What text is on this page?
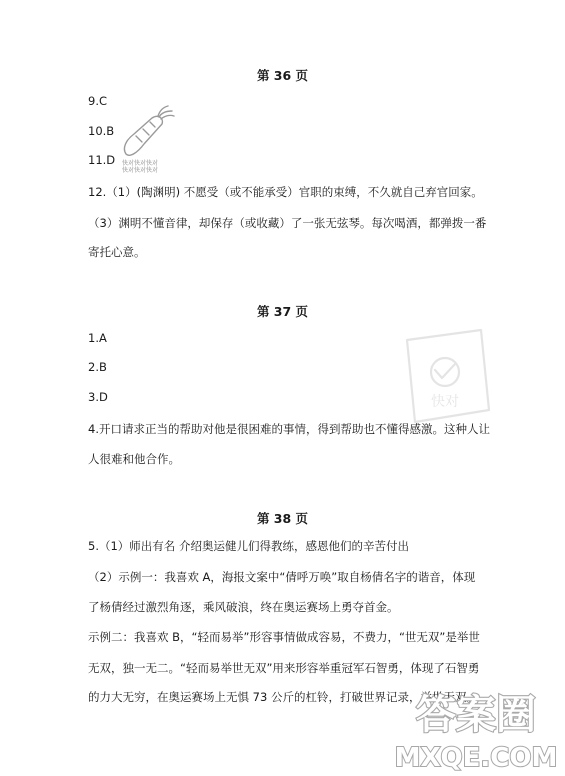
第 36 页
9.C
10.B
11.D
12.（1）(陶渊明) 不愿受（或不能承受）官职的束缚，不久就自己弃官回家。
（3）渊明不懂音律，却保存（或收藏）了一张无弦琴。每次喝酒，都弹拨一番
寄托心意。
快对快对快对
快对快对快对
第 37 页
1.A
2.B
3.D
4.开口请求正当的帮助对他是很困难的事情，得到帮助也不懂得感激。这种人让
人很难和他合作。
快对
第 38 页
5.（1）师出有名 介绍奥运健儿们得教练，感恩他们的辛苦付出
（2）示例一：我喜欢 A，海报文案中“倩呼万唤”取自杨倩名字的谐音，体现
了杨倩经过激烈角逐，乘风破浪，终在奥运赛场上勇夺首金。
示例二：我喜欢 B，“轻而易举”形容事情做成容易，不费力，“世无双”是举世
无双，独一无二。“轻而易举世无双”用来形容举重冠军石智勇，体现了石智勇
的力大无穷，在奥运赛场上无惧 73 公斤的杠铃，打破世界记录，举世无双。
答案圈
MXQE.COM
